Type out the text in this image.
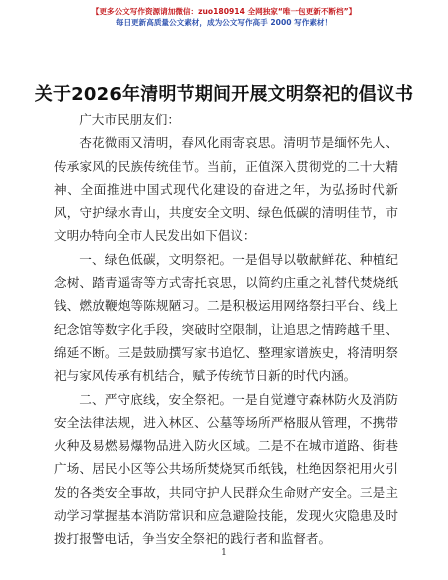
【更多公文写作资源请加微信：zuo180914 全网独家“唯一包更新不断档”】
每日更新高质量公文素材，成为公文写作高手 2000 写作素材！
关于2026年清明节期间开展文明祭祀的倡议书

广大市民朋友们：

杏花微雨又清明，春风化雨寄哀思。清明节是缅怀先人、传承家风的民族传统佳节。当前，正值深入贯彻党的二十大精神、全面推进中国式现代化建设的奋进之年，为弘扬时代新风，守护绿水青山，共度安全文明、绿色低碳的清明佳节，市文明办特向全市人民发出如下倡议：

一、绿色低碳，文明祭祀。一是倡导以敬献鲜花、种植纪念树、踏青遥寄等方式寄托哀思，以简约庄重之礼替代焚烧纸钱、燃放鞭炮等陈规陋习。二是积极运用网络祭扫平台、线上纪念馆等数字化手段，突破时空限制，让追思之情跨越千里、绵延不断。三是鼓励撰写家书追忆、整理家谱族史，将清明祭祀与家风传承有机结合，赋予传统节日新的时代内涵。

二、严守底线，安全祭祀。一是自觉遵守森林防火及消防安全法律法规，进入林区、公墓等场所严格服从管理，不携带火种及易燃易爆物品进入防火区域。二是不在城市道路、街巷广场、居民小区等公共场所焚烧冥币纸钱，杜绝因祭祀用火引发的各类安全事故，共同守护人民群众生命财产安全。三是主动学习掌握基本消防常识和应急避险技能，发现火灾隐患及时拨打报警电话，争当安全祭祀的践行者和监督者。

1
